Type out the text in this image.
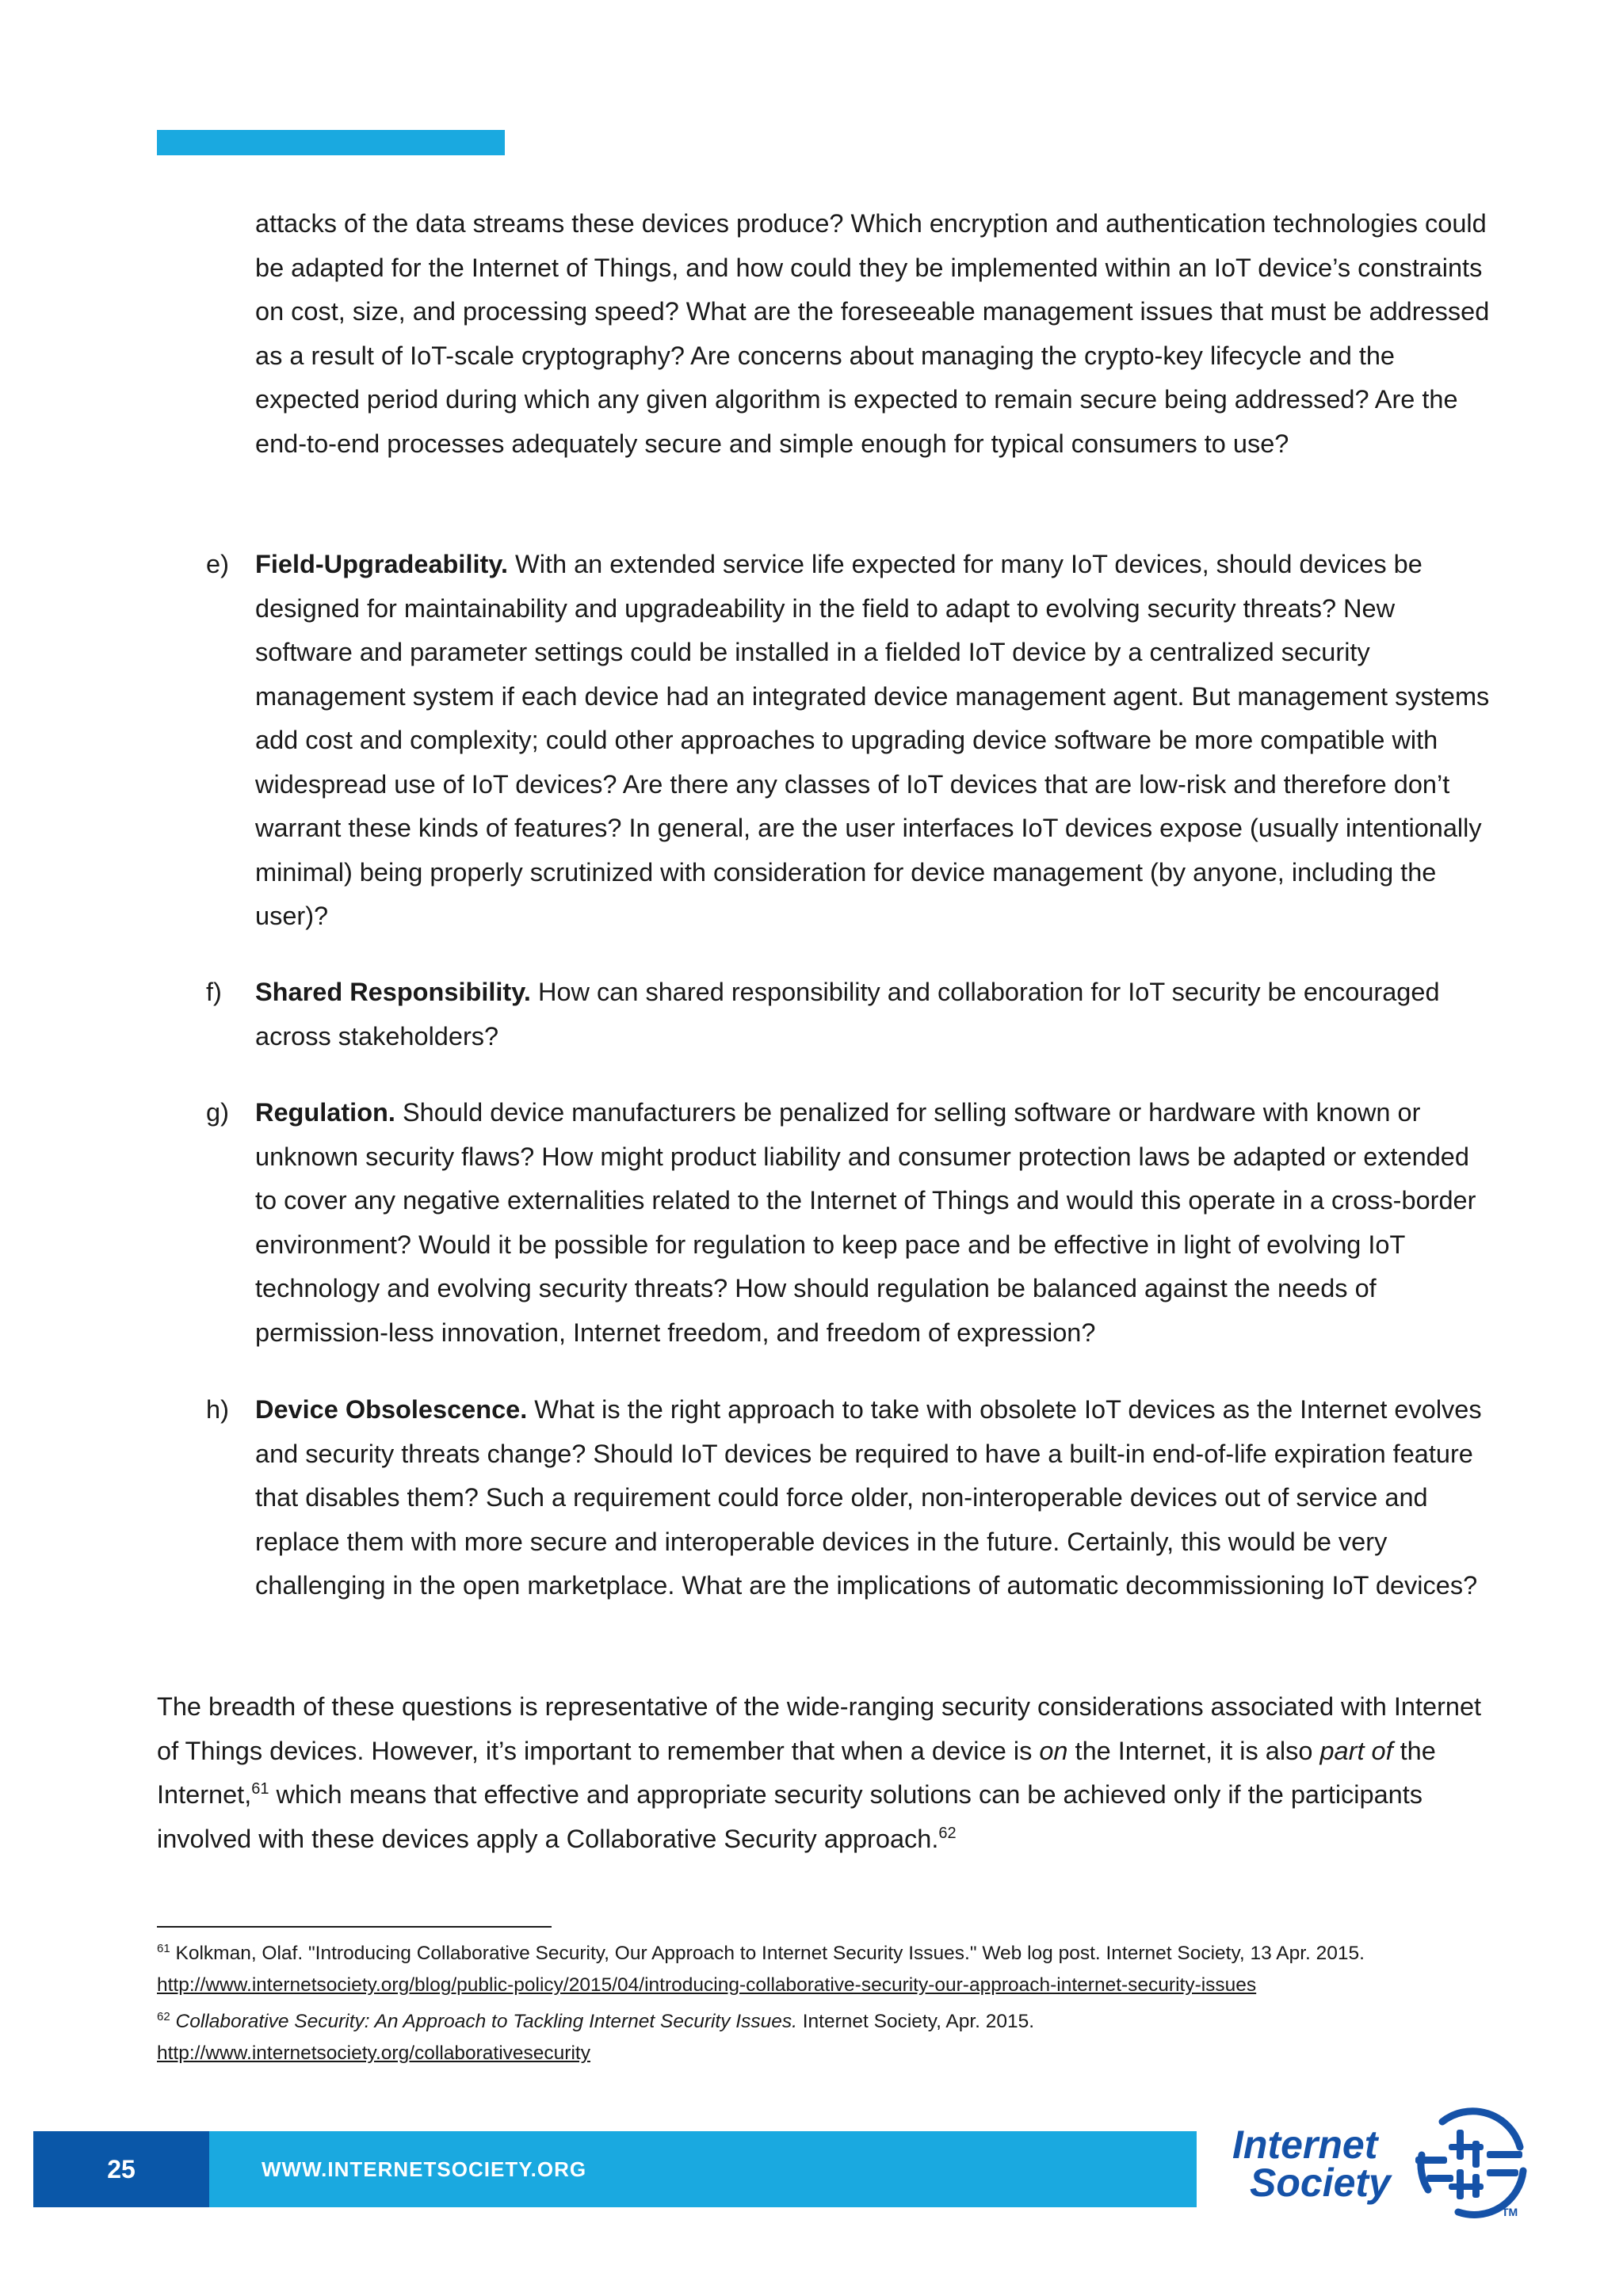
attacks of the data streams these devices produce? Which encryption and authentication technologies could be adapted for the Internet of Things, and how could they be implemented within an IoT device’s constraints on cost, size, and processing speed? What are the foreseeable management issues that must be addressed as a result of IoT-scale cryptography? Are concerns about managing the crypto-key lifecycle and the expected period during which any given algorithm is expected to remain secure being addressed? Are the end-to-end processes adequately secure and simple enough for typical consumers to use?

e) Field-Upgradeability. With an extended service life expected for many IoT devices, should devices be designed for maintainability and upgradeability in the field to adapt to evolving security threats? New software and parameter settings could be installed in a fielded IoT device by a centralized security management system if each device had an integrated device management agent. But management systems add cost and complexity; could other approaches to upgrading device software be more compatible with widespread use of IoT devices? Are there any classes of IoT devices that are low-risk and therefore don’t warrant these kinds of features? In general, are the user interfaces IoT devices expose (usually intentionally minimal) being properly scrutinized with consideration for device management (by anyone, including the user)?

f) Shared Responsibility. How can shared responsibility and collaboration for IoT security be encouraged across stakeholders?

g) Regulation. Should device manufacturers be penalized for selling software or hardware with known or unknown security flaws? How might product liability and consumer protection laws be adapted or extended to cover any negative externalities related to the Internet of Things and would this operate in a cross-border environment? Would it be possible for regulation to keep pace and be effective in light of evolving IoT technology and evolving security threats? How should regulation be balanced against the needs of permission-less innovation, Internet freedom, and freedom of expression?

h) Device Obsolescence. What is the right approach to take with obsolete IoT devices as the Internet evolves and security threats change? Should IoT devices be required to have a built-in end-of-life expiration feature that disables them? Such a requirement could force older, non-interoperable devices out of service and replace them with more secure and interoperable devices in the future. Certainly, this would be very challenging in the open marketplace. What are the implications of automatic decommissioning IoT devices?

The breadth of these questions is representative of the wide-ranging security considerations associated with Internet of Things devices. However, it’s important to remember that when a device is on the Internet, it is also part of the Internet,$^{61}$ which means that effective and appropriate security solutions can be achieved only if the participants involved with these devices apply a Collaborative Security approach.$^{62}$

$^{61}$ Kolkman, Olaf. "Introducing Collaborative Security, Our Approach to Internet Security Issues." Web log post. Internet Society, 13 Apr. 2015. http://www.internetsociety.org/blog/public-policy/2015/04/introducing-collaborative-security-our-approach-internet-security-issues

$^{62}$ Collaborative Security: An Approach to Tackling Internet Security Issues. Internet Society, Apr. 2015.
http://www.internetsociety.org/collaborativesecurity

25	WWW.INTERNETSOCIETY.ORG
Internet
Society
TM
